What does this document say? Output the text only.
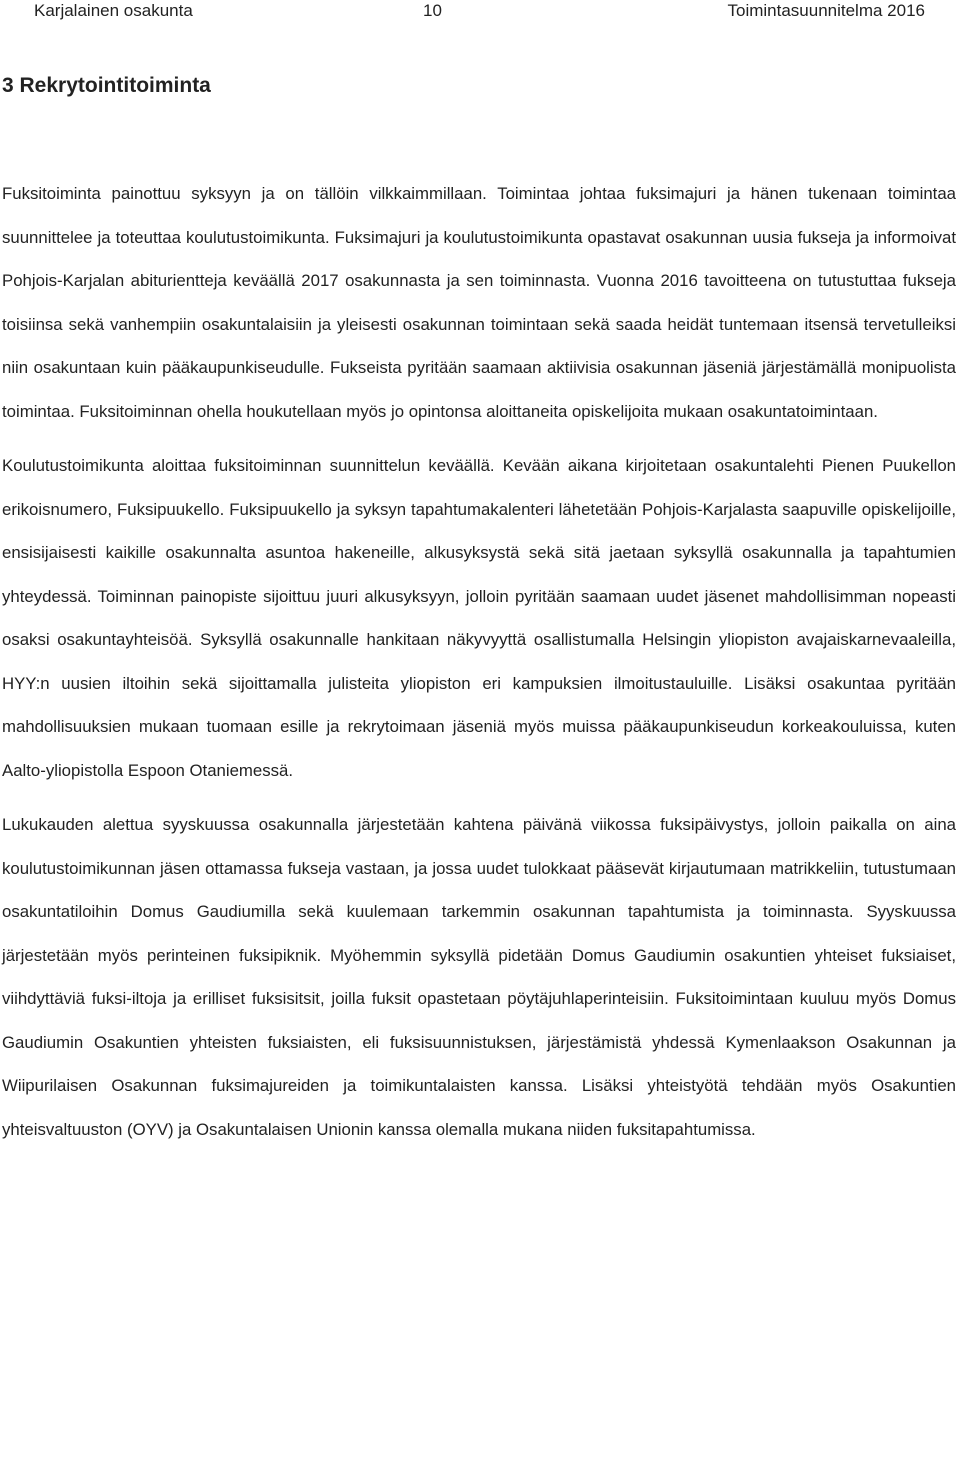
Karjalainen osakunta	10	Toimintasuunnitelma 2016
3 Rekrytointitoiminta

Fuksitoiminta painottuu syksyyn ja on tällöin vilkkaimmillaan. Toimintaa johtaa fuksimajuri ja hänen tukenaan toimintaa suunnittelee ja toteuttaa koulutustoimikunta. Fuksimajuri ja koulutustoimikunta opastavat osakunnan uusia fukseja ja informoivat Pohjois-Karjalan abiturientteja keväällä 2017 osakunnasta ja sen toiminnasta. Vuonna 2016 tavoitteena on tutustuttaa fukseja toisiinsa sekä vanhempiin osakuntalaisiin ja yleisesti osakunnan toimintaan sekä saada heidät tuntemaan itsensä tervetulleiksi niin osakuntaan kuin pääkaupunkiseudulle. Fukseista pyritään saamaan aktiivisia osakunnan jäseniä järjestämällä monipuolista toimintaa. Fuksitoiminnan ohella houkutellaan myös jo opintonsa aloittaneita opiskelijoita mukaan osakuntatoimintaan.

Koulutustoimikunta aloittaa fuksitoiminnan suunnittelun keväällä. Kevään aikana kirjoitetaan osakuntalehti Pienen Puukellon erikoisnumero, Fuksipuukello. Fuksipuukello ja syksyn tapahtumakalenteri lähetetään Pohjois-Karjalasta saapuville opiskelijoille, ensisijaisesti kaikille osakunnalta asuntoa hakeneille, alkusyksystä sekä sitä jaetaan syksyllä osakunnalla ja tapahtumien yhteydessä. Toiminnan painopiste sijoittuu juuri alkusyksyyn, jolloin pyritään saamaan uudet jäsenet mahdollisimman nopeasti osaksi osakuntayhteisöä. Syksyllä osakunnalle hankitaan näkyvyyttä osallistumalla Helsingin yliopiston avajaiskarnevaaleilla, HYY:n uusien iltoihin sekä sijoittamalla julisteita yliopiston eri kampuksien ilmoitustauluille. Lisäksi osakuntaa pyritään mahdollisuuksien mukaan tuomaan esille ja rekrytoimaan jäseniä myös muissa pääkaupunkiseudun korkeakouluissa, kuten Aalto-yliopistolla Espoon Otaniemessä.

Lukukauden alettua syyskuussa osakunnalla järjestetään kahtena päivänä viikossa fuksipäivystys, jolloin paikalla on aina koulutustoimikunnan jäsen ottamassa fukseja vastaan, ja jossa uudet tulokkaat pääsevät kirjautumaan matrikkeliin, tutustumaan osakuntatiloihin Domus Gaudiumilla sekä kuulemaan tarkemmin osakunnan tapahtumista ja toiminnasta. Syyskuussa järjestetään myös perinteinen fuksipiknik. Myöhemmin syksyllä pidetään Domus Gaudiumin osakuntien yhteiset fuksiaiset, viihdyttäviä fuksi-iltoja ja erilliset fuksisitsit, joilla fuksit opastetaan pöytäjuhlaperinteisiin. Fuksitoimintaan kuuluu myös Domus Gaudiumin Osakuntien yhteisten fuksiaisten, eli fuksisuunnistuksen, järjestämistä yhdessä Kymenlaakson Osakunnan ja Wiipurilaisen Osakunnan fuksimajureiden ja toimikuntalaisten kanssa. Lisäksi yhteistyötä tehdään myös Osakuntien yhteisvaltuuston (OYV) ja Osakuntalaisen Unionin kanssa olemalla mukana niiden fuksitapahtumissa.
